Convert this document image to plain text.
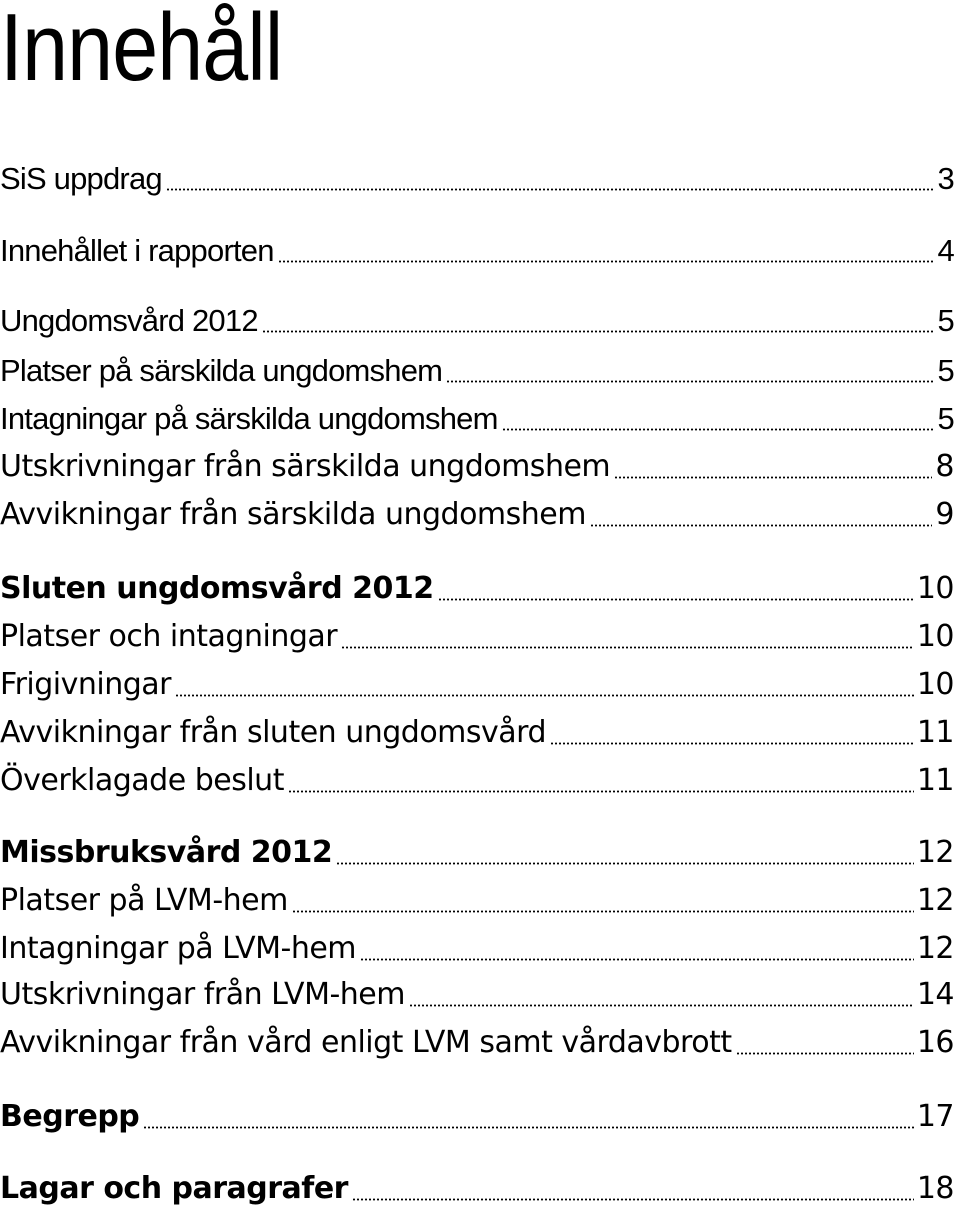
Innehåll
SiS uppdrag	3
Innehållet i rapporten	4
Ungdomsvård 2012	5
Platser på särskilda ungdomshem	5
Intagningar på särskilda ungdomshem	5
Utskrivningar från särskilda ungdomshem	8
Avvikningar från särskilda ungdomshem	9
Sluten ungdomsvård 2012	10
Platser och intagningar	10
Frigivningar	10
Avvikningar från sluten ungdomsvård	11
Överklagade beslut	11
Missbruksvård 2012	12
Platser på LVM-hem	12
Intagningar på LVM-hem	12
Utskrivningar från LVM-hem	14
Avvikningar från vård enligt LVM samt vårdavbrott	16
Begrepp	17
Lagar och paragrafer	18
